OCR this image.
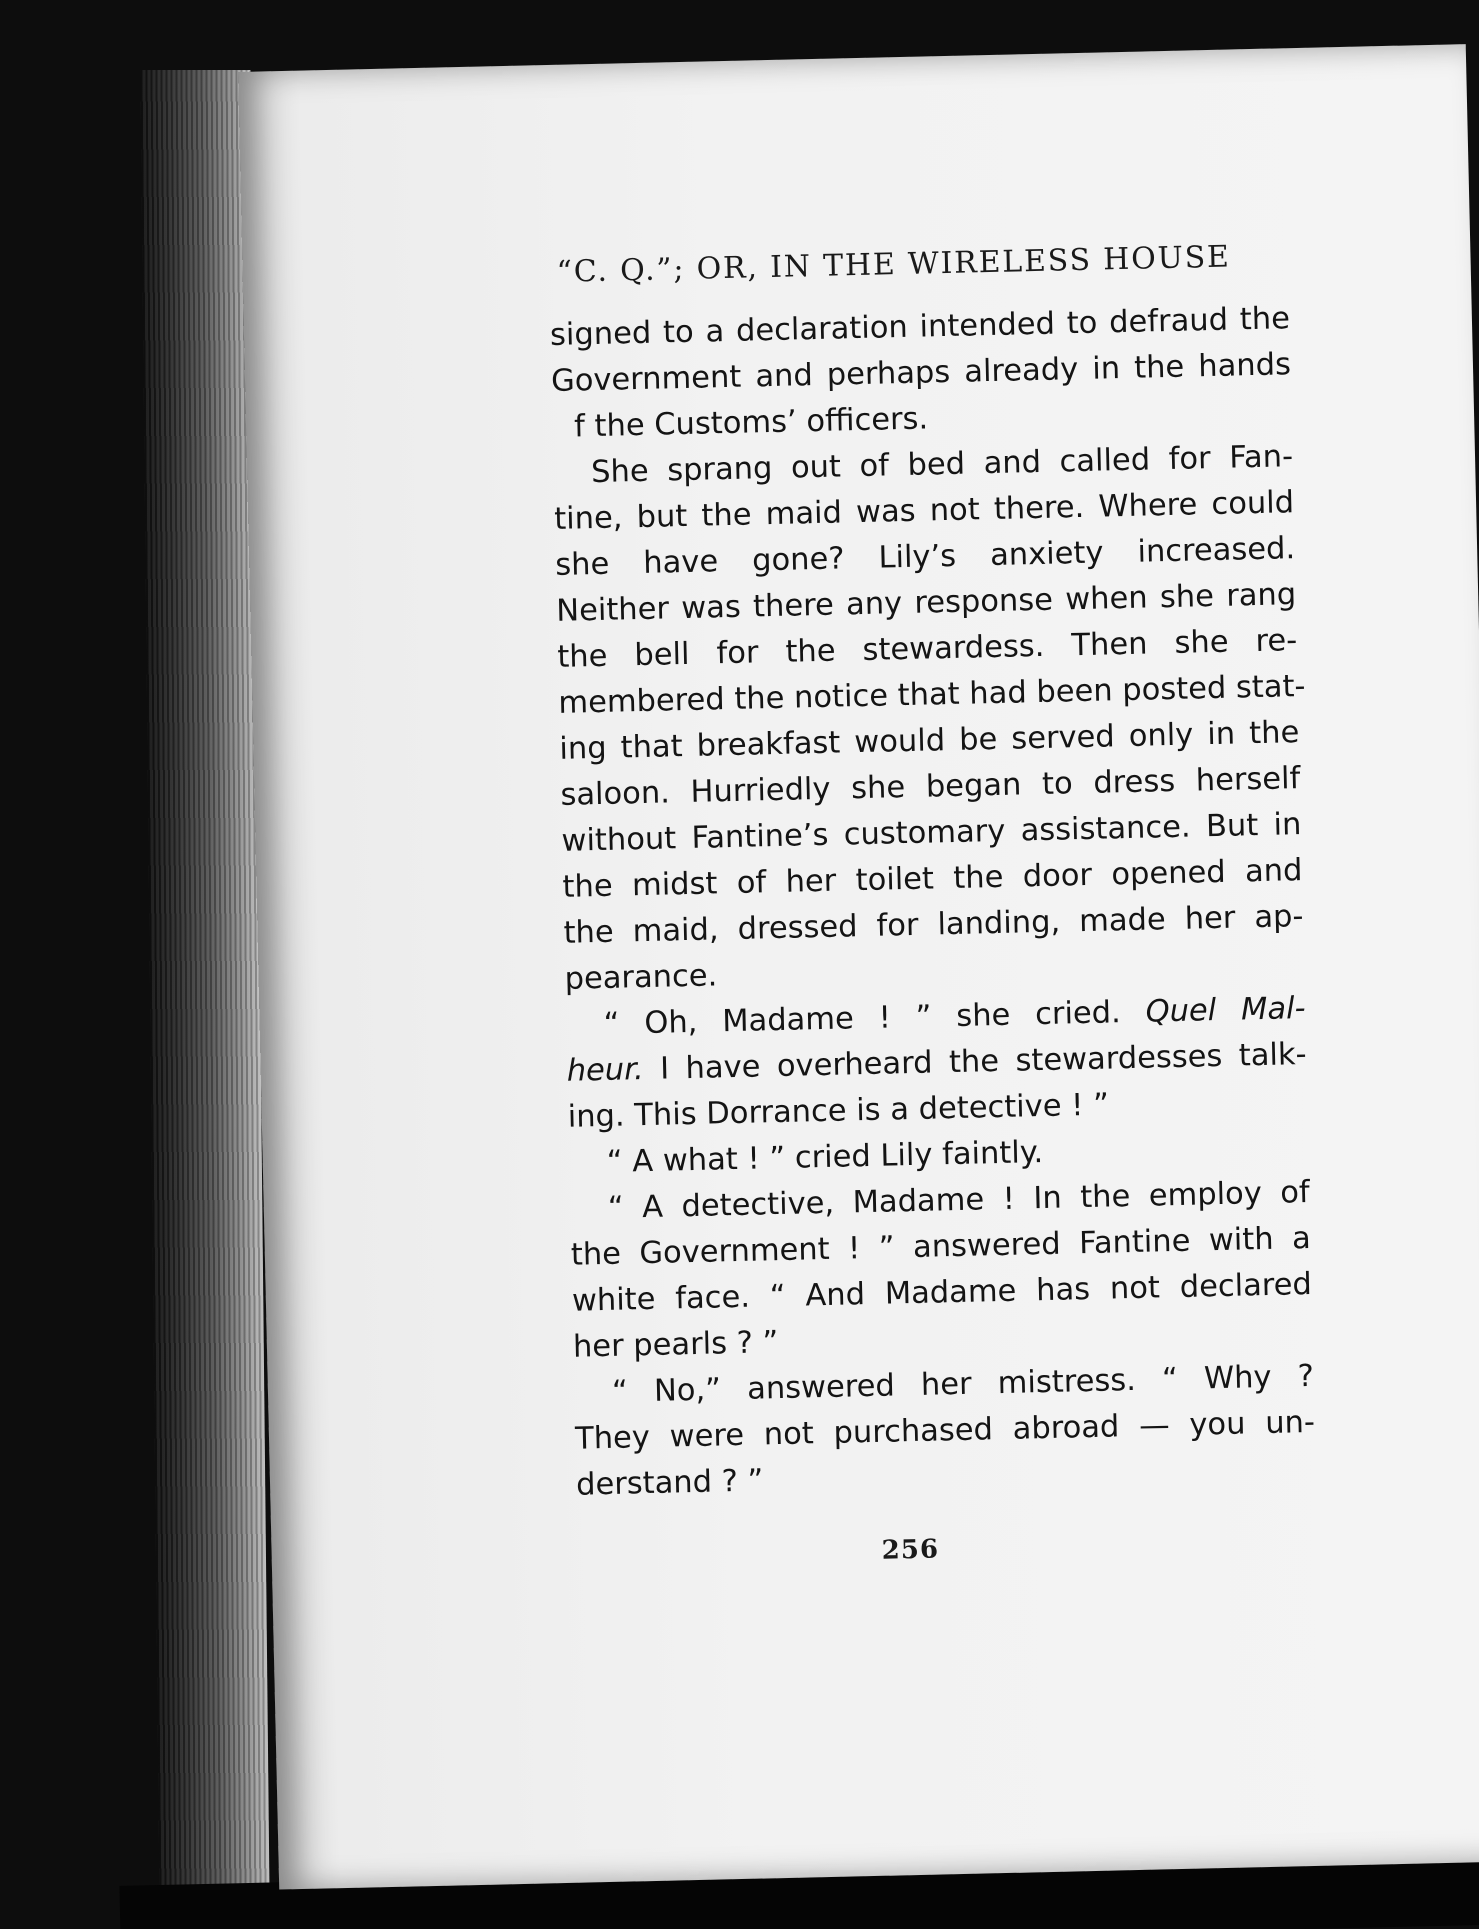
“C. Q.”; OR, IN THE WIRELESS HOUSE
signed to a declaration intended to defraud the
Government and perhaps already in the hands
f the Customs’ officers.
She sprang out of bed and called for Fan-
tine, but the maid was not there. Where could
she have gone? Lily’s anxiety increased.
Neither was there any response when she rang
the bell for the stewardess. Then she re-
membered the notice that had been posted stat-
ing that breakfast would be served only in the
saloon. Hurriedly she began to dress herself
without Fantine’s customary assistance. But in
the midst of her toilet the door opened and
the maid, dressed for landing, made her ap-
pearance.
“ Oh, Madame ! ” she cried. Quel Mal-
heur. I have overheard the stewardesses talk-
ing. This Dorrance is a detective ! ”
“ A what ! ” cried Lily faintly.
“ A detective, Madame ! In the employ of
the Government ! ” answered Fantine with a
white face. “ And Madame has not declared
her pearls ? ”
“ No,” answered her mistress. “ Why ?
They were not purchased abroad — you un-
derstand ? ”
256
